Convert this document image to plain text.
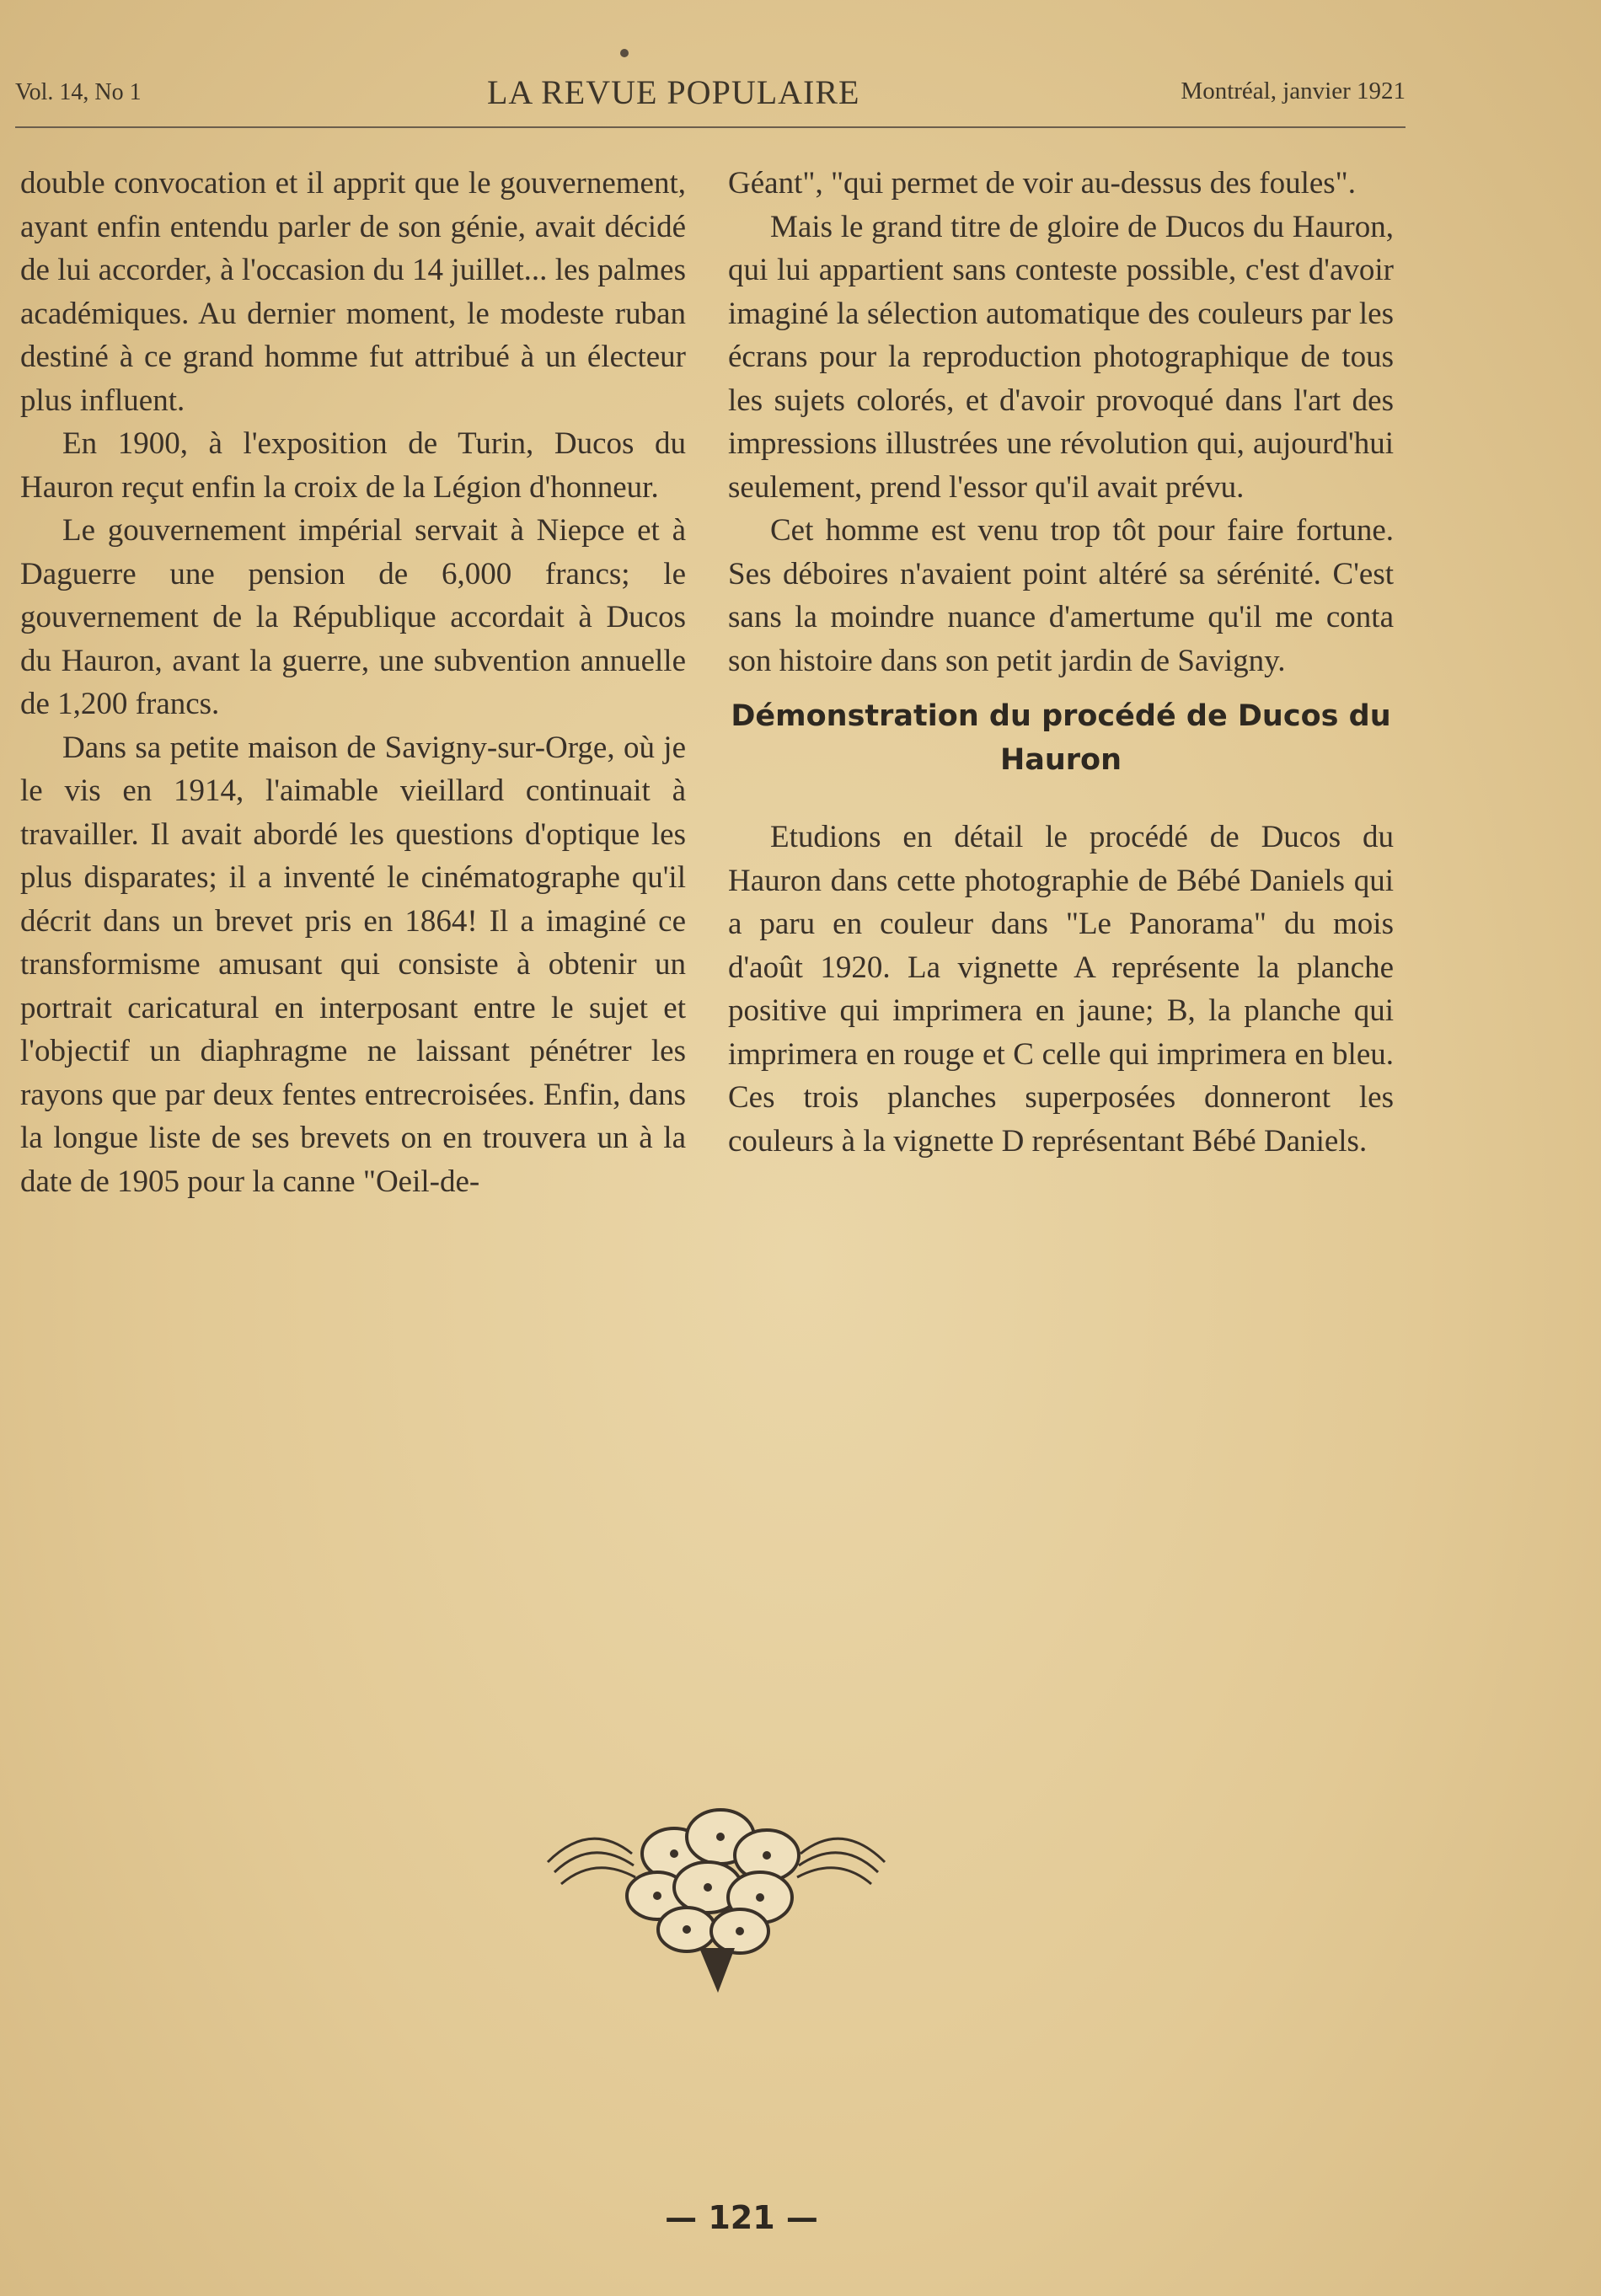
Vol. 14, No 1	LA REVUE POPULAIRE	Montréal, janvier 1921

double convocation et il apprit que le gouvernement, ayant enfin entendu parler de son génie, avait décidé de lui accorder, à l'occasion du 14 juillet... les palmes académiques. Au dernier moment, le modeste ruban destiné à ce grand homme fut attribué à un électeur plus influent.

En 1900, à l'exposition de Turin, Ducos du Hauron reçut enfin la croix de la Légion d'honneur.

Le gouvernement impérial servait à Niepce et à Daguerre une pension de 6,000 francs; le gouvernement de la République accordait à Ducos du Hauron, avant la guerre, une subvention annuelle de 1,200 francs.

Dans sa petite maison de Savigny-sur-Orge, où je le vis en 1914, l'aimable vieillard continuait à travailler. Il avait abordé les questions d'optique les plus disparates; il a inventé le cinématographe qu'il décrit dans un brevet pris en 1864! Il a imaginé ce transformisme amusant qui consiste à obtenir un portrait caricatural en interposant entre le sujet et l'objectif un diaphragme ne laissant pénétrer les rayons que par deux fentes entrecroisées. Enfin, dans la longue liste de ses brevets on en trouvera un à la date de 1905 pour la canne "Oeil-de-

Géant", "qui permet de voir au-dessus des foules".

Mais le grand titre de gloire de Ducos du Hauron, qui lui appartient sans conteste possible, c'est d'avoir imaginé la sélection automatique des couleurs par les écrans pour la reproduction photographique de tous les sujets colorés, et d'avoir provoqué dans l'art des impressions illustrées une révolution qui, aujourd'hui seulement, prend l'essor qu'il avait prévu.

Cet homme est venu trop tôt pour faire fortune. Ses déboires n'avaient point altéré sa sérénité. C'est sans la moindre nuance d'amertume qu'il me conta son histoire dans son petit jardin de Savigny.

Démonstration du procédé de Ducos du Hauron

Etudions en détail le procédé de Ducos du Hauron dans cette photographie de Bébé Daniels qui a paru en couleur dans "Le Panorama" du mois d'août 1920. La vignette A représente la planche positive qui imprimera en jaune; B, la planche qui imprimera en rouge et C celle qui imprimera en bleu. Ces trois planches superposées donneront les couleurs à la vignette D représentant Bébé Daniels.

— 121 —
